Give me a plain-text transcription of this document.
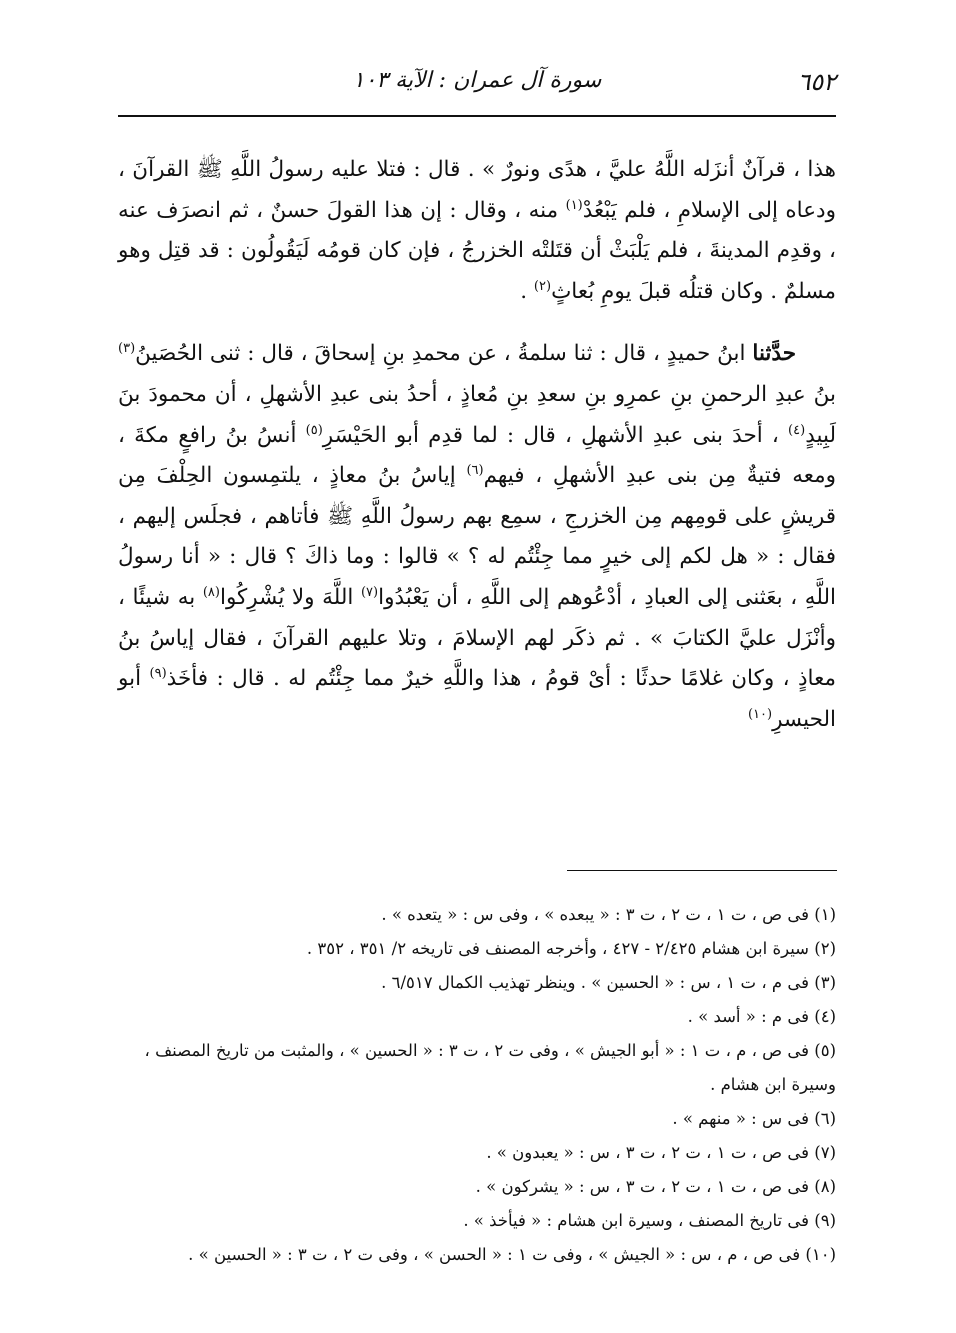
٦٥٢
سورة آل عمران : الآية ١٠٣

هذا ، قرآنٌ أنزَله اللَّهُ عليَّ ، هدًى ونورٌ » . قال : فتلا عليه رسولُ اللَّهِ ﷺ القرآنَ ، ودعاه إلى الإسلامِ ، فلم يَبْعُدْ$^{(١)}$ منه ، وقال : إن هذا القولَ حسنٌ ، ثم انصرَف عنه ، وقدِم المدينةَ ، فلم يَلْبَثْ أن قتَلتْه الخزرجُ ، فإن كان قومُه لَيَقُولُون : قد قتِل وهو مسلمٌ . وكان قتلُه قبلَ يومِ بُعاثٍ$^{(٢)}$ .

حدَّثنا ابنُ حميدٍ ، قال : ثنا سلمةُ ، عن محمدِ بنِ إسحاقَ ، قال : ثنى الحُصَينُ$^{(٣)}$ بنُ عبدِ الرحمنِ بنِ عمرِو بنِ سعدِ بنِ مُعاذٍ ، أحدُ بنى عبدِ الأشهلِ ، أن محمودَ بنَ لَبِيدٍ$^{(٤)}$ ، أحدَ بنى عبدِ الأشهلِ ، قال : لما قدِم أبو الحَيْسَرِ$^{(٥)}$ أنسُ بنُ رافعٍ مكةَ ، ومعه فتيةٌ مِن بنى عبدِ الأشهلِ ، فيهم$^{(٦)}$ إياسُ بنُ معاذٍ ، يلتمِسون الحِلْفَ مِن قريشٍ على قومِهم مِن الخزرجِ ، سمِع بهم رسولُ اللَّهِ ﷺ فأتاهم ، فجلَس إليهم ، فقال : « هل لكم إلى خيرٍ مما جِئْتُم له ؟ » قالوا : وما ذاكَ ؟ قال : « أنا رسولُ اللَّهِ ، بعَثنى إلى العبادِ ، أدْعُوهم إلى اللَّهِ ، أن يَعْبُدُوا$^{(٧)}$ اللَّهَ ولا يُشْرِكُوا$^{(٨)}$ به شيئًا ، وأنْزَل عليَّ الكتابَ » . ثم ذكَر لهم الإسلامَ ، وتلا عليهم القرآنَ ، فقال إياسُ بنُ معاذٍ ، وكان غلامًا حدثًا : أىْ قومُ ، هذا واللَّهِ خيرٌ مما جِئْتُم له . قال : فأخَذ$^{(٩)}$ أبو الحيسرِ$^{(١٠)}$

(١) فى ص ، ت ١ ، ت ٢ ، ت ٣ : « يبعده » ، وفى س : « يتعده » .

(٢) سيرة ابن هشام ٢/٤٢٥ - ٤٢٧ ، وأخرجه المصنف فى تاريخه ٢/ ٣٥١ ، ٣٥٢ .

(٣) فى م ، ت ١ ، س : « الحسين » . وينظر تهذيب الكمال ٦/٥١٧ .

(٤) فى م : « أسد » .

(٥) فى ص ، م ، ت ١ : « أبو الجيش » ، وفى ت ٢ ، ت ٣ : « الحسين » ، والمثبت من تاريخ المصنف ، وسيرة ابن هشام .

(٦) فى س : « منهم » .

(٧) فى ص ، ت ١ ، ت ٢ ، ت ٣ ، س : « يعبدون » .

(٨) فى ص ، ت ١ ، ت ٢ ، ت ٣ ، س : « يشركون » .

(٩) فى تاريخ المصنف ، وسيرة ابن هشام : « فيأخذ » .

(١٠) فى ص ، م ، س : « الجيش » ، وفى ت ١ : « الحسن » ، وفى ت ٢ ، ت ٣ : « الحسين » .
